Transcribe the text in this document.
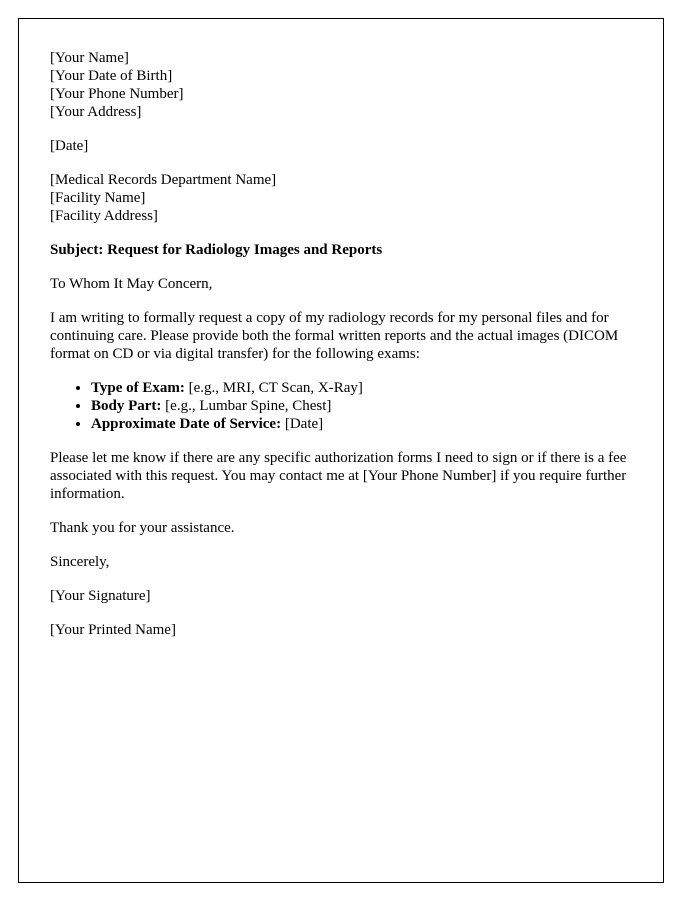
[Your Name]
[Your Date of Birth]
[Your Phone Number]
[Your Address]
[Date]
[Medical Records Department Name]
[Facility Name]
[Facility Address]

Subject: Request for Radiology Images and Reports

To Whom It May Concern,

I am writing to formally request a copy of my radiology records for my personal files and for continuing care. Please provide both the formal written reports and the actual images (DICOM format on CD or via digital transfer) for the following exams:

• Type of Exam: [e.g., MRI, CT Scan, X-Ray]
• Body Part: [e.g., Lumbar Spine, Chest]
• Approximate Date of Service: [Date]

Please let me know if there are any specific authorization forms I need to sign or if there is a fee associated with this request. You may contact me at [Your Phone Number] if you require further information.

Thank you for your assistance.

Sincerely,

[Your Signature]

[Your Printed Name]
